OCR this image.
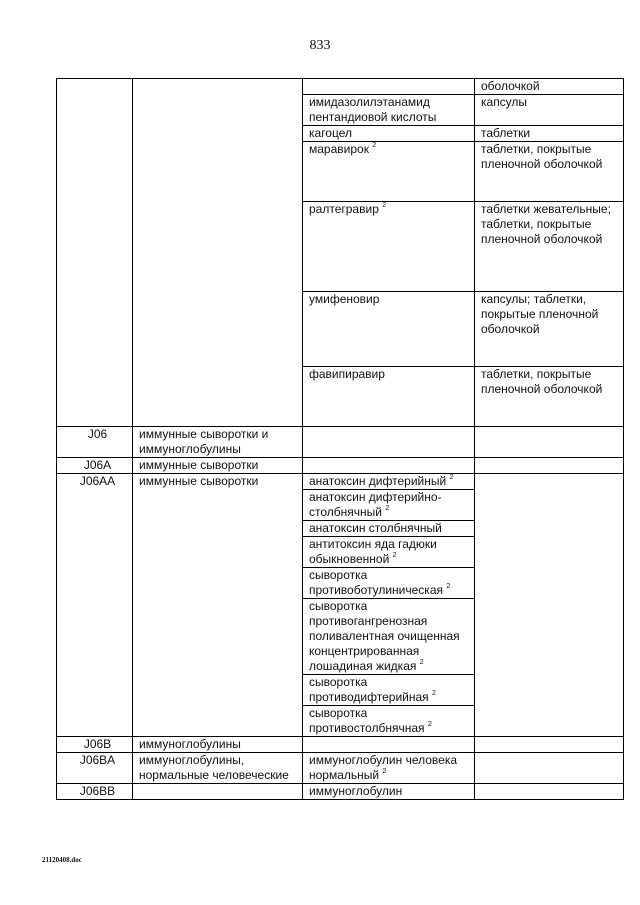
833
			оболочкой
		имидазолилэтанамид пентандиовой кислоты	капсулы
		кагоцел	таблетки
		маравирок $^2$	таблетки, покрытые пленочной оболочкой
		ралтегравир $^2$	таблетки жевательные; таблетки, покрытые пленочной оболочкой
		умифеновир	капсулы; таблетки, покрытые пленочной оболочкой
		фавипиравир	таблетки, покрытые пленочной оболочкой
J06	иммунные сыворотки и иммуноглобулины		
J06A	иммунные сыворотки		
J06AA	иммунные сыворотки	анатоксин дифтерийный $^2$	
		анатоксин дифтерийно-столбнячный $^2$
		анатоксин столбнячный	
		антитоксин яда гадюки обыкновенной $^2$
		сыворотка противоботулиническая $^2$
		сыворотка противогангренозная поливалентная очищенная концентрированная лошадиная жидкая $^2$
		сыворотка противодифтерийная $^2$
		сыворотка противостолбнячная $^2$
J06B	иммуноглобулины		
J06BA	иммуноглобулины, нормальные человеческие	иммуноглобулин человека нормальный $^2$	
J06BB		иммуноглобулин	
21120408.doc
